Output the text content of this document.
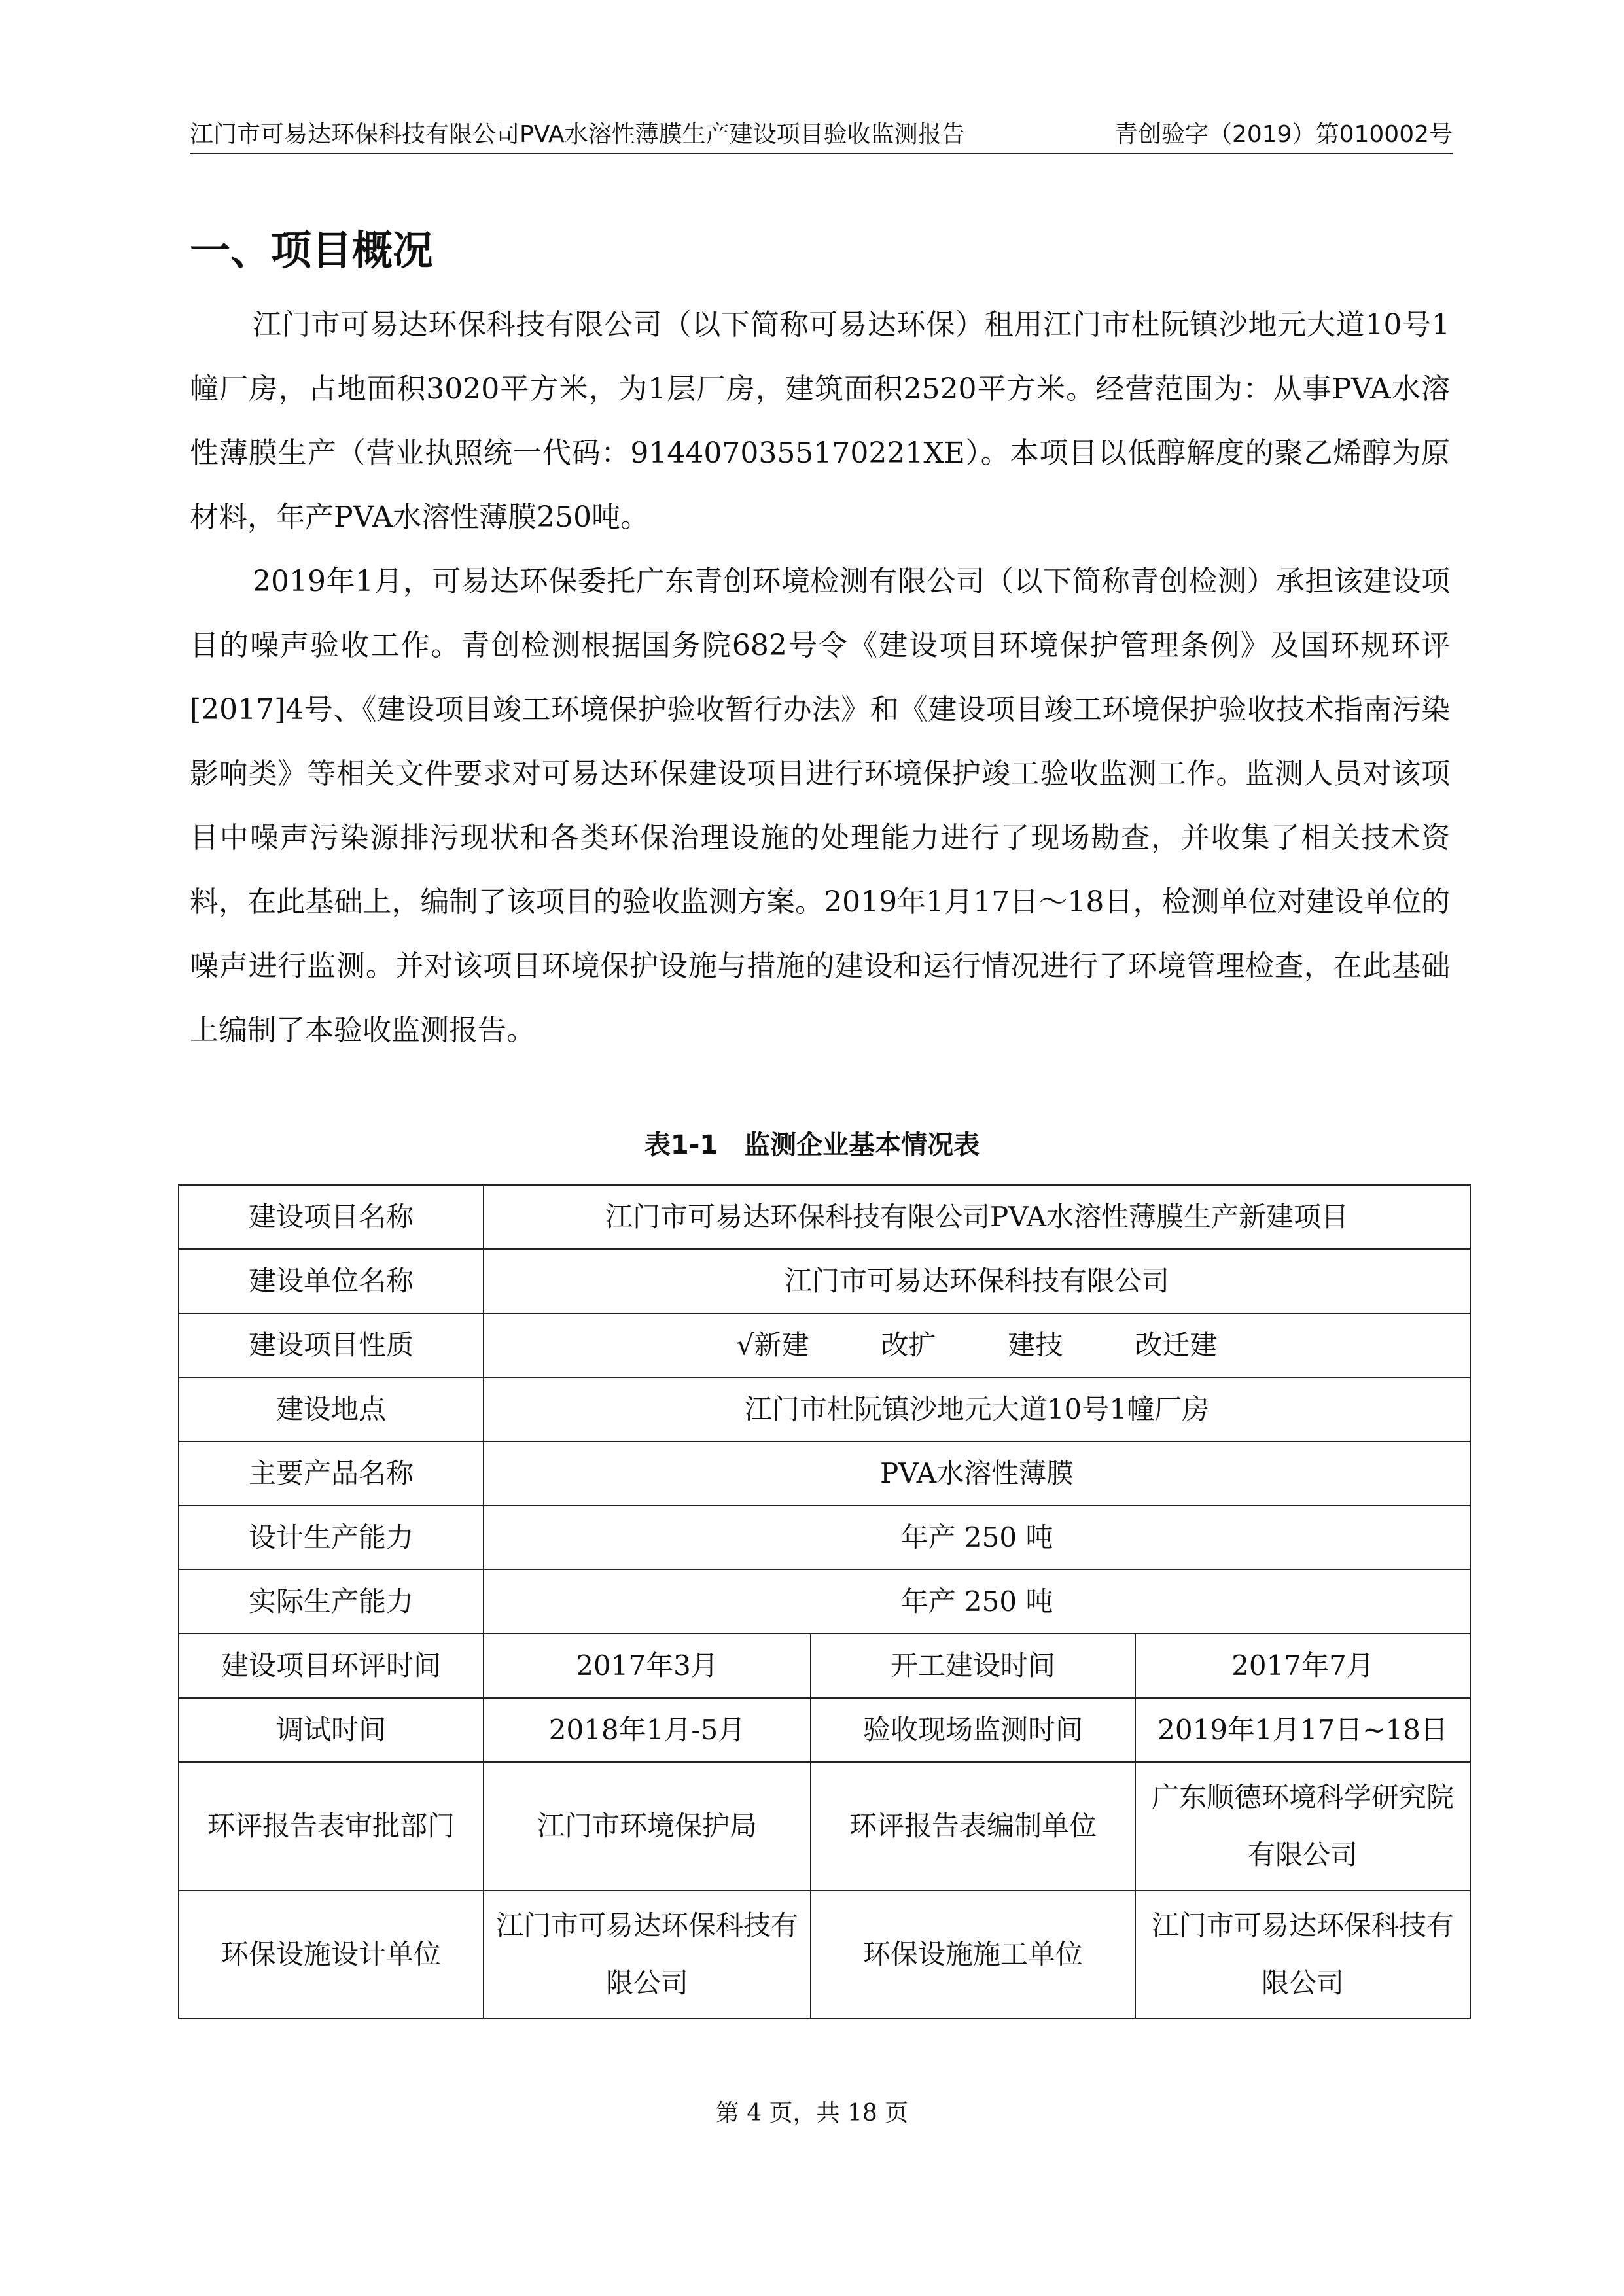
江门市可易达环保科技有限公司PVA水溶性薄膜生产建设项目验收监测报告	青创验字（2019）第010002号
一、项目概况

江门市可易达环保科技有限公司（以下简称可易达环保）租用江门市杜阮镇沙地元大道10号1幢厂房，占地面积3020平方米，为1层厂房，建筑面积2520平方米。经营范围为：从事PVA水溶性薄膜生产（营业执照统一代码：9144070355170221XE）。本项目以低醇解度的聚乙烯醇为原材料，年产PVA水溶性薄膜250吨。

2019年1月，可易达环保委托广东青创环境检测有限公司（以下简称青创检测）承担该建设项目的噪声验收工作。青创检测根据国务院682号令《建设项目环境保护管理条例》及国环规环评[2017]4号、《建设项目竣工环境保护验收暂行办法》和《建设项目竣工环境保护验收技术指南污染影响类》等相关文件要求对可易达环保建设项目进行环境保护竣工验收监测工作。监测人员对该项目中噪声污染源排污现状和各类环保治理设施的处理能力进行了现场勘查，并收集了相关技术资料，在此基础上，编制了该项目的验收监测方案。2019年1月17日～18日，检测单位对建设单位的噪声进行监测。并对该项目环境保护设施与措施的建设和运行情况进行了环境管理检查，在此基础上编制了本验收监测报告。

表1-1　监测企业基本情况表
建设项目名称	江门市可易达环保科技有限公司PVA水溶性薄膜生产新建项目		
建设单位名称	江门市可易达环保科技有限公司		
建设项目性质	√新建 改扩 建技 改迁建		
建设地点	江门市杜阮镇沙地元大道10号1幢厂房		
主要产品名称	PVA水溶性薄膜		
设计生产能力	年产 250 吨		
实际生产能力	年产 250 吨		
建设项目环评时间	2017年3月	开工建设时间	2017年7月
调试时间	2018年1月-5月	验收现场监测时间	2019年1月17日~18日
环评报告表审批部门	江门市环境保护局	环评报告表编制单位	广东顺德环境科学研究院有限公司
环保设施设计单位	江门市可易达环保科技有限公司	环保设施施工单位	江门市可易达环保科技有限公司
第 4 页，共 18 页
